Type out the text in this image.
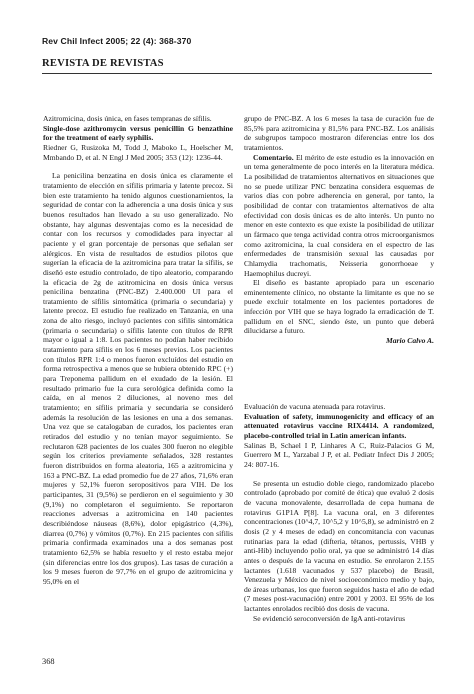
Rev Chil Infect 2005; 22 (4): 368-370
REVISTA DE REVISTAS

Azitromicina, dosis única, en fases tempranas de sífilis.

Single-dose azithromycin versus penicillin G benzathine for the treatment of early syphilis.

Riedner G, Rusizoka M, Todd J, Maboko L, Hoelscher M, Mmbando D, et al. N Engl J Med 2005; 353 (12): 1236-44.

La penicilina benzatina en dosis única es claramente el tratamiento de elección en sífilis primaria y latente precoz. Si bien este tratamiento ha tenido algunos cuestionamientos, la seguridad de contar con la adherencia a una dosis única y sus buenos resultados han llevado a su uso generalizado. No obstante, hay algunas desventajas como es la necesidad de contar con los recursos y comodidades para inyectar al paciente y el gran porcentaje de personas que señalan ser alérgicos. En vista de resultados de estudios pilotos que sugerían la eficacia de la azitromicina para tratar la sífilis, se diseñó este estudio controlado, de tipo aleatorio, comparando la eficacia de 2g de azitromicina en dosis única versus penicilina benzatina (PNC-BZ) 2.400.000 UI para el tratamiento de sífilis sintomática (primaria o secundaria) y latente precoz. El estudio fue realizado en Tanzania, en una zona de alto riesgo, incluyó pacientes con sífilis sintomática (primaria o secundaria) o sífilis latente con títulos de RPR mayor o igual a 1:8. Los pacientes no podían haber recibido tratamiento para sífilis en los 6 meses previos. Los pacientes con títulos RPR 1:4 o menos fueron excluídos del estudio en forma retrospectiva a menos que se hubiera obtenido RPC (+) para Treponema pallidum en el exudado de la lesión. El resultado primario fue la cura serológica definida como la caída, en al menos 2 diluciones, al noveno mes del tratamiento; en sífilis primaria y secundaria se consideró además la resolución de las lesiones en una a dos semanas. Una vez que se catalogaban de curados, los pacientes eran retirados del estudio y no tenían mayor seguimiento. Se reclutaron 628 pacientes de los cuales 300 fueron no elegible según los criterios previamente señalados, 328 restantes fueron distribuidos en forma aleatoria, 165 a azitromicina y 163 a PNC-BZ. La edad promedio fue de 27 años, 71,6% eran mujeres y 52,1% fueron seropositivos para VIH. De los participantes, 31 (9,5%) se perdieron en el seguimiento y 30 (9,1%) no completaron el seguimiento. Se reportaron reacciones adversas a azitromicina en 140 pacientes describiéndose náuseas (8,6%), dolor epigástrico (4,3%), diarrea (0,7%) y vómitos (0,7%). En 215 pacientes con sífilis primaria confirmada examinados una a dos semanas post tratamiento 62,5% se había resuelto y el resto estaba mejor (sin diferencias entre los dos grupos). Las tasas de curación a los 9 meses fueron de 97,7% en el grupo de azitromicina y 95,0% en el

grupo de PNC-BZ. A los 6 meses la tasa de curación fue de 85,5% para azitromicina y 81,5% para PNC-BZ. Los análisis de subgrupos tampoco mostraron diferencias entre los dos tratamientos.

Comentario. El mérito de este estudio es la innovación en un tema generalmente de poco interés en la literatura médica. La posibilidad de tratamientos alternativos en situaciones que no se puede utilizar PNC benzatina considera esquemas de varios días con pobre adherencia en general, por tanto, la posibilidad de contar con tratamientos alternativos de alta efectividad con dosis únicas es de alto interés. Un punto no menor en este contexto es que existe la posibilidad de utilizar un fármaco que tenga actividad contra otros microorganismos como azitromicina, la cual considera en el espectro de las enfermedades de transmisión sexual las causadas por Chlamydia trachomatis, Neisseria gonorrhoeae y Haemophilus ducreyi.

El diseño es bastante apropiado para un escenario eminentemente clínico, no obstante la limitante es que no se puede excluir totalmente en los pacientes portadores de infección por VIH que se haya logrado la erradicación de T. pallidum en el SNC, siendo éste, un punto que deberá dilucidarse a futuro.

Mario Calvo A.

Evaluación de vacuna atenuada para rotavirus.

Evaluation of safety, immunogenicity and efficacy of an attenuated rotavirus vaccine RIX4414. A randomized, placebo-controlled trial in Latin american infants.

Salinas B, Schael I P, Linhares A C, Ruiz-Palacios G M, Guerrero M L, Yarzabal J P, et al. Pediatr Infect Dis J 2005; 24: 807-16.

Se presenta un estudio doble ciego, randomizado placebo controlado (aprobado por comité de ética) que evaluó 2 dosis de vacuna monovalente, desarrollada de cepa humana de rotavirus G1P1A P[8]. La vacuna oral, en 3 diferentes concentraciones (10^4,7, 10^5,2 y 10^5,8), se administró en 2 dosis (2 y 4 meses de edad) en concomitancia con vacunas rutinarias para la edad (difteria, tétanos, pertussis, VHB y anti-Hib) incluyendo polio oral, ya que se administró 14 días antes o después de la vacuna en estudio. Se enrolaron 2.155 lactantes (1.618 vacunados y 537 placebo) de Brasil, Venezuela y México de nivel socioeconómico medio y bajo, de áreas urbanas, los que fueron seguidos hasta el año de edad (7 meses post-vacunación) entre 2001 y 2003. El 95% de los lactantes enrolados recibió dos dosis de vacuna.

Se evidenció seroconversión de IgA anti-rotavirus

368
